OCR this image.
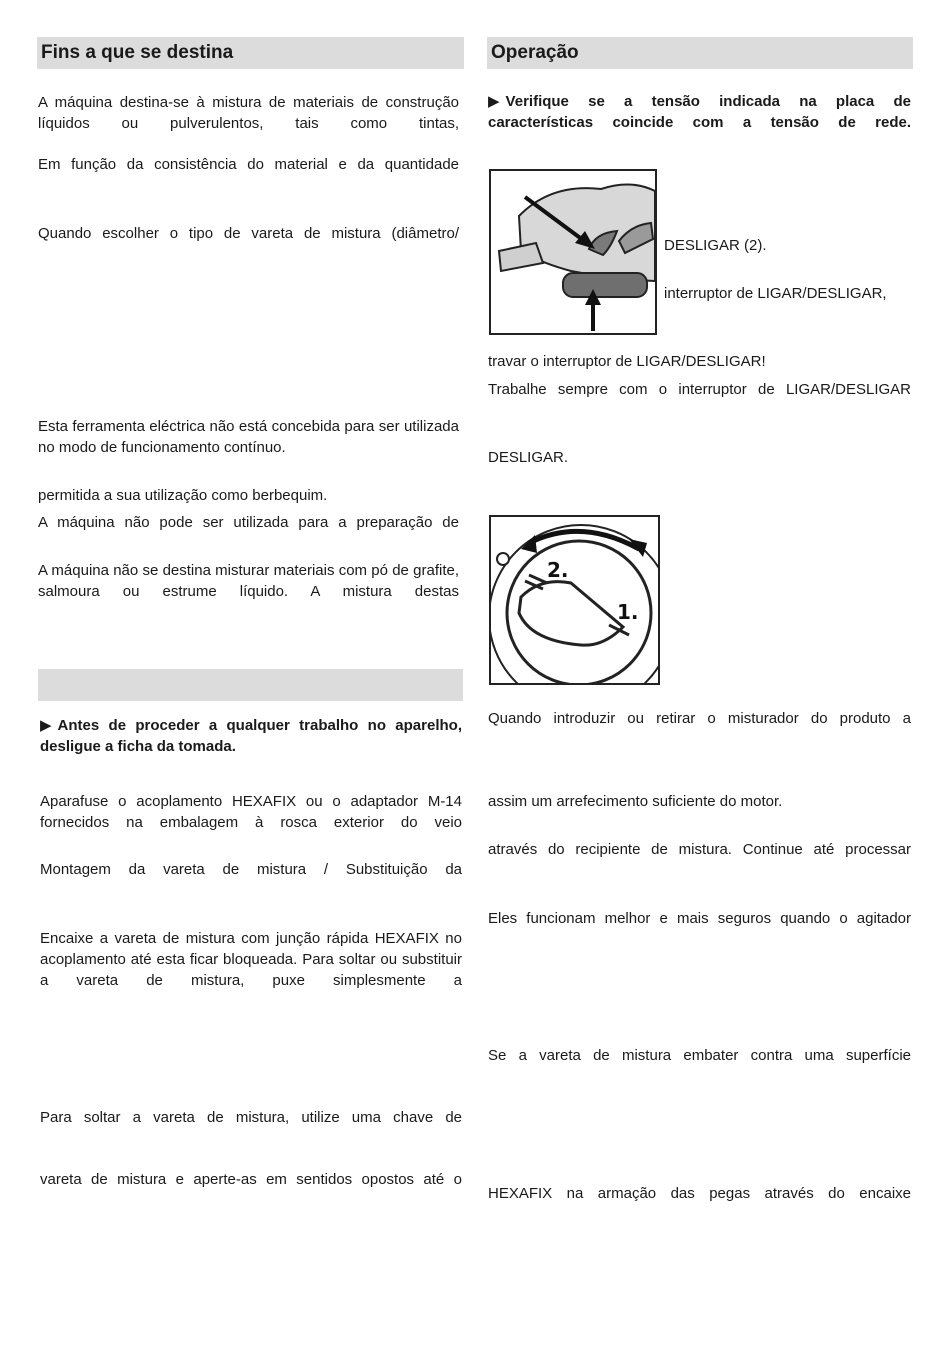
Fins a que se destina
A máquina destina-se à mistura de materiais de construção líquidos ou pulverulentos, tais como tintas,
Em função da consistência do material e da quantidade
Quando escolher o tipo de vareta de mistura (diâmetro/
Esta ferramenta eléctrica não está concebida para ser utilizada no modo de funcionamento contínuo.
permitida a sua utilização como berbequim.
A máquina não pode ser utilizada para a preparação de
A máquina não se destina misturar materiais com pó de grafite, salmoura ou estrume líquido. A mistura destas
▶ Antes de proceder a qualquer trabalho no aparelho, desligue a ficha da tomada.
Aparafuse o acoplamento HEXAFIX ou o adaptador M-14 fornecidos na embalagem à rosca exterior do veio
Montagem da vareta de mistura / Substituição da
Encaixe a vareta de mistura com junção rápida HEXAFIX no acoplamento até esta ficar bloqueada. Para soltar ou substituir a vareta de mistura, puxe simplesmente a
Para soltar a vareta de mistura, utilize uma chave de
vareta de mistura e aperte-as em sentidos opostos até o
Operação
▶ Verifique se a tensão indicada na placa de características coincide com a tensão de rede.
DESLIGAR (2).
interruptor de LIGAR/DESLIGAR,
travar o interruptor de LIGAR/DESLIGAR!
Trabalhe sempre com o interruptor de LIGAR/DESLIGAR
DESLIGAR.
2.
1.
Quando introduzir ou retirar o misturador do produto a
assim um arrefecimento suficiente do motor.
através do recipiente de mistura. Continue até processar
Eles funcionam melhor e mais seguros quando o agitador
Se a vareta de mistura embater contra uma superfície
HEXAFIX na armação das pegas através do encaixe
